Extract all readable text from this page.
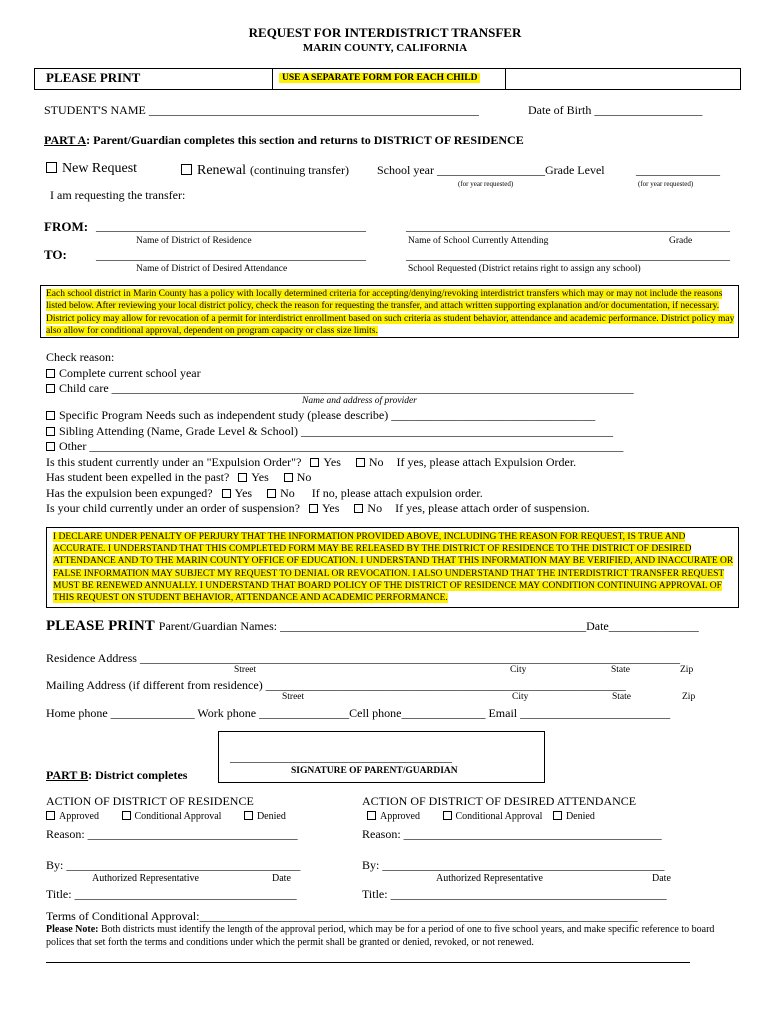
REQUEST FOR INTERDISTRICT TRANSFER
MARIN COUNTY, CALIFORNIA
PLEASE PRINT	USE A SEPARATE FORM FOR EACH CHILD
STUDENT'S NAME _______________________________________________________	Date of Birth __________________
PART A: Parent/Guardian completes this section and returns to DISTRICT OF RESIDENCE
New Request	Renewal (continuing transfer) School year __________________Grade Level	______________
(for year requested)	(for year requested)
I am requesting the transfer:
FROM: _____________________________________________	______________________________________________________
Name of District of Residence	Name of School Currently Attending	Grade
TO: _____________________________________________	______________________________________________________
Name of District of Desired Attendance	School Requested (District retains right to assign any school)
Each school district in Marin County has a policy with locally determined criteria for accepting/denying/revoking interdistrict transfers which may or may not include the reasons listed below. After reviewing your local district policy, check the reason for requesting the transfer, and attach written supporting explanation and/or documentation, if necessary. District policy may allow for revocation of a permit for interdistrict enrollment based on such criteria as student behavior, attendance and academic performance. District policy may also allow for conditional approval, dependent on program capacity or class size limits.
Check reason:
Complete current school year
Child care _______________________________________________________________________________________
Name and address of provider
Specific Program Needs such as independent study (please describe) __________________________________
Sibling Attending (Name, Grade Level & School) ____________________________________________________
Other _________________________________________________________________________________________
Is this student currently under an "Expulsion Order"? Yes No If yes, please attach Expulsion Order.
Has student been expelled in the past? Yes No
Has the expulsion been expunged? Yes No If no, please attach expulsion order.
Is your child currently under an order of suspension? Yes No If yes, please attach order of suspension.
I DECLARE UNDER PENALTY OF PERJURY THAT THE INFORMATION PROVIDED ABOVE, INCLUDING THE REASON FOR REQUEST, IS TRUE AND ACCURATE. I UNDERSTAND THAT THIS COMPLETED FORM MAY BE RELEASED BY THE DISTRICT OF RESIDENCE TO THE DISTRICT OF DESIRED ATTENDANCE AND TO THE MARIN COUNTY OFFICE OF EDUCATION. I UNDERSTAND THAT THIS INFORMATION MAY BE VERIFIED, AND INACCURATE OR FALSE INFORMATION MAY SUBJECT MY REQUEST TO DENIAL OR REVOCATION. I ALSO UNDERSTAND THAT THE INTERDISTRICT TRANSFER REQUEST MUST BE RENEWED ANNUALLY. I UNDERSTAND THAT BOARD POLICY OF THE DISTRICT OF RESIDENCE MAY CONDITION CONTINUING APPROVAL OF THIS REQUEST ON STUDENT BEHAVIOR, ATTENDANCE AND ACADEMIC PERFORMANCE.
PLEASE PRINT Parent/Guardian Names: ___________________________________________________Date_______________
Residence Address __________________________________________________________________________________________
Street	City	State	Zip
Mailing Address (if different from residence) ____________________________________________________________
Street	City	State	Zip
Home phone ______________ Work phone _______________Cell phone______________ Email _________________________
_____________________________________
SIGNATURE OF PARENT/GUARDIAN
PART B: District completes
ACTION OF DISTRICT OF RESIDENCE	ACTION OF DISTRICT OF DESIRED ATTENDANCE
Approved	Conditional Approval	Denied	Approved	Conditional Approval Denied
Reason: ___________________________________	Reason: ___________________________________________
By: _______________________________________	By: _______________________________________________
Authorized Representative	Date	Authorized Representative	Date
Title: _____________________________________	Title: ______________________________________________
Terms of Conditional Approval:_________________________________________________________________________
Please Note: Both districts must identify the length of the approval period, which may be for a period of one to five school years, and make specific reference to board polices that set forth the terms and conditions under which the permit shall be granted or denied, revoked, or not renewed.
